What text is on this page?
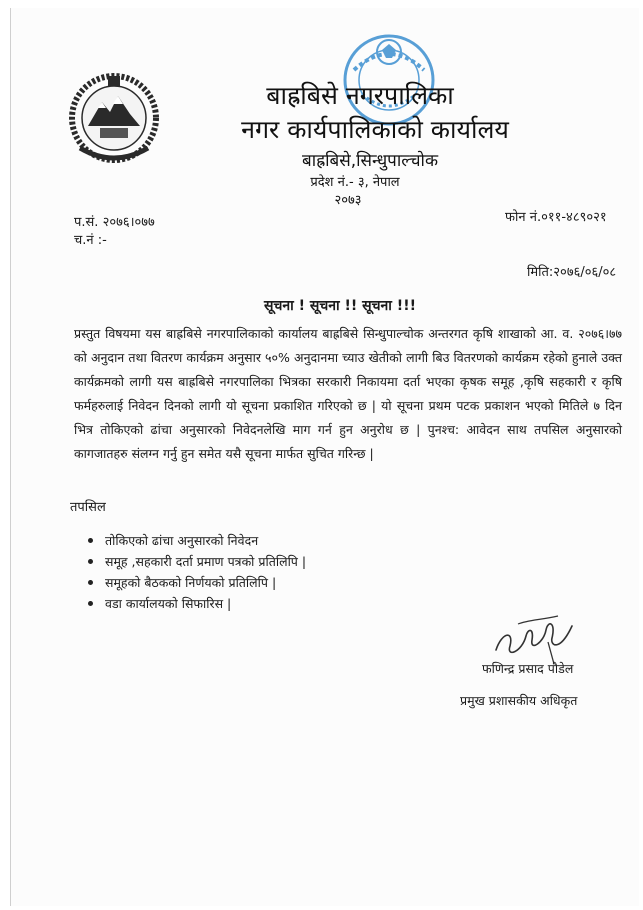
बाह्रबिसे नगरपालिका
नगर कार्यपालिकाको कार्यालय
बाह्रबिसे,सिन्धुपाल्चोक
प्रदेश नं.- ३, नेपाल
२०७३
प.सं. २०७६।०७७
च.नं :-
फोन नं.०११-४८९०२१
मिति:२०७६/०६/०८
सूचना ! सूचना !! सूचना !!!
प्रस्तुत विषयमा यस बाह्रबिसे नगरपालिकाको कार्यालय बाह्रबिसे सिन्धुपाल्चोक अन्तरगत कृषि शाखाको आ. व. २०७६।७७ को अनुदान तथा वितरण कार्यक्रम अनुसार ५०% अनुदानमा च्याउ खेतीको लागी बिउ वितरणको कार्यक्रम रहेको हुनाले उक्त कार्यक्रमको लागी यस बाह्रबिसे नगरपालिका भित्रका सरकारी निकायमा दर्ता भएका कृषक समूह ,कृषि सहकारी र कृषि फर्महरुलाई निवेदन दिनको लागी यो सूचना प्रकाशित गरिएको छ | यो सूचना प्रथम पटक प्रकाशन भएको मितिले ७ दिन भित्र तोकिएको ढांचा अनुसारको निवेदनलेखि माग गर्न हुन अनुरोध छ | पुनश्च: आवेदन साथ तपसिल अनुसारको कागजातहरु संलग्न गर्नु हुन समेत यसै सूचना मार्फत सुचित गरिन्छ |
तपसिल
तोकिएको ढांचा अनुसारको निवेदन
समूह ,सहकारी दर्ता प्रमाण पत्रको प्रतिलिपि |
समूहको बैठकको निर्णयको प्रतिलिपि |
वडा कार्यालयको सिफारिस |
फणिन्द्र प्रसाद पौडेल
प्रमुख प्रशासकीय अधिकृत
